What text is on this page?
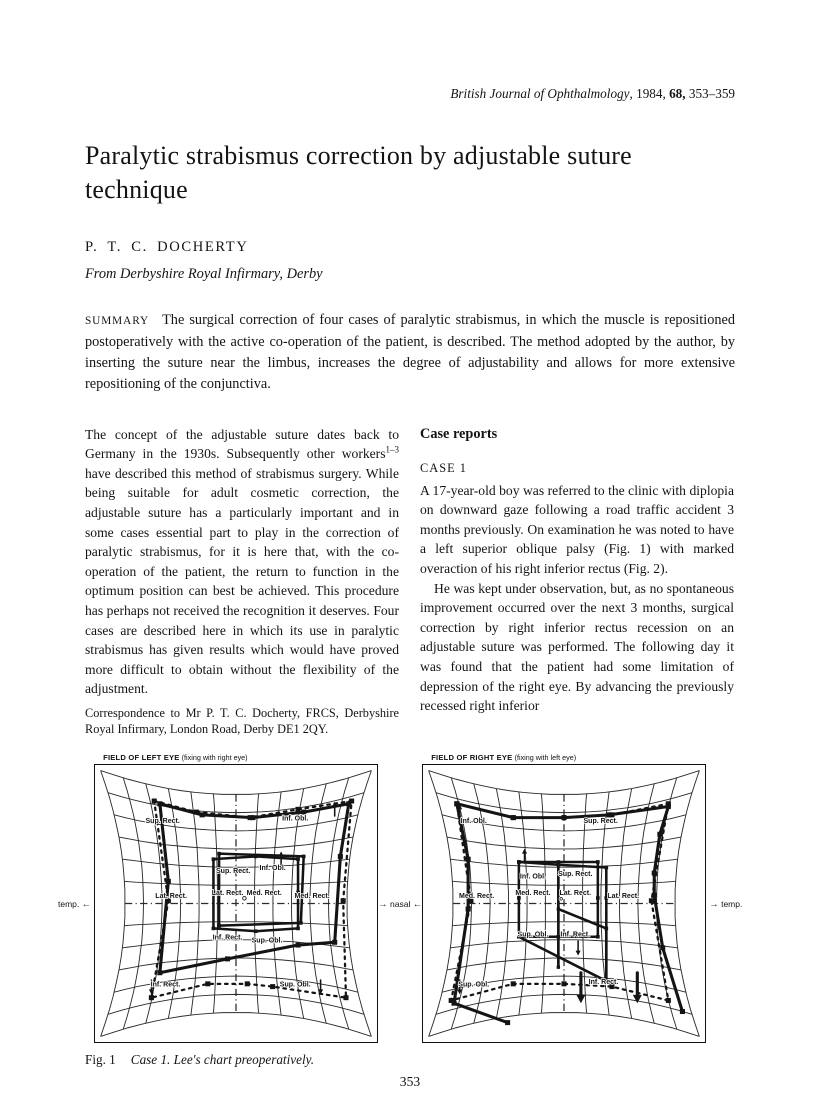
British Journal of Ophthalmology, 1984, 68, 353–359
Paralytic strabismus correction by adjustable suture technique
P. T. C. DOCHERTY
From Derbyshire Royal Infirmary, Derby

SUMMARY The surgical correction of four cases of paralytic strabismus, in which the muscle is repositioned postoperatively with the active co-operation of the patient, is described. The method adopted by the author, by inserting the suture near the limbus, increases the degree of adjustability and allows for more extensive repositioning of the conjunctiva.

The concept of the adjustable suture dates back to Germany in the 1930s. Subsequently other workers$^{1-3}$ have described this method of strabismus surgery. While being suitable for adult cosmetic correction, the adjustable suture has a particularly important and in some cases essential part to play in the correction of paralytic strabismus, for it is here that, with the co-operation of the patient, the return to function in the optimum position can best be achieved. This procedure has perhaps not received the recognition it deserves. Four cases are described here in which its use in paralytic strabismus has given results which would have proved more difficult to obtain without the flexibility of the adjustment.

Correspondence to Mr P. T. C. Docherty, FRCS, Derbyshire Royal Infirmary, London Road, Derby DE1 2QY.

Case reports
CASE 1

A 17-year-old boy was referred to the clinic with diplopia on downward gaze following a road traffic accident 3 months previously. On examination he was noted to have a left superior oblique palsy (Fig. 1) with marked overaction of his right inferior rectus (Fig. 2).

He was kept under observation, but, as no spontaneous improvement occurred over the next 3 months, surgical correction by right inferior rectus recession on an adjustable suture was performed. The following day it was found that the patient had some limitation of depression of the right eye. By advancing the previously recessed right inferior

temp. ←
FIELD OF LEFT EYE (fixing with right eye)
Sup. Rect.	Inf. Obl.
Lat. Rect.	Med. Rect.
Inf. Rect.	Sup. Obl.
Sup. Rect.	Inf. Obl.
Lat. Rect. Med. Rect.
Inf. Rect.	Sup. Obl.
O	→ nasal ←
FIELD OF RIGHT EYE (fixing with left eye)
Inf. Obl.	Sup. Rect.
Med. Rect.	Lat. Rect.
Sup. Obl.	Inf. Rect.
Inf. Obl.	Sup. Rect.
Med. Rect.	Lat. Rect.
Sup. Obl.	Inf. Rect.
o	→ temp.
Fig. 1 Case 1. Lee's chart preoperatively.
353
